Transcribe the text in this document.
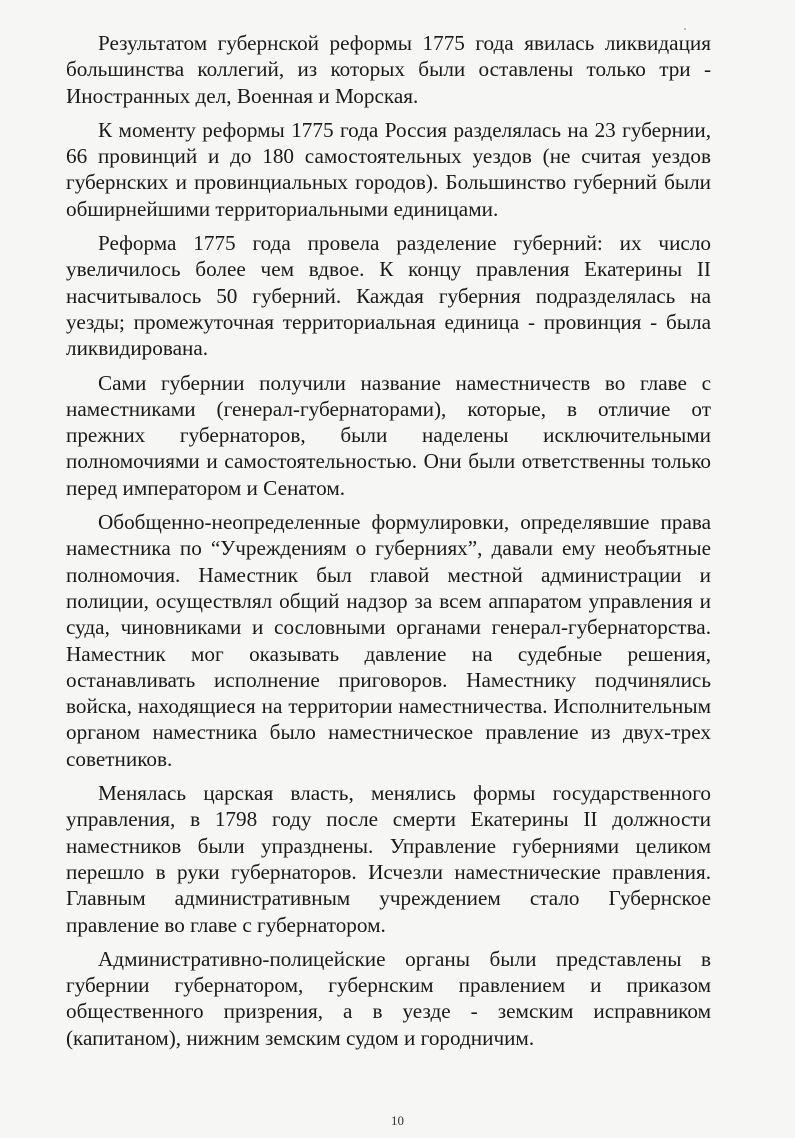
Результатом губернской реформы 1775 года явилась ликвидация большинства коллегий, из которых были оставлены только три - Иностранных дел, Военная и Морская.

К моменту реформы 1775 года Россия разделялась на 23 губернии, 66 провинций и до 180 самостоятельных уездов (не считая уездов губернских и провинциальных городов). Большинство губерний были обширнейшими территориальными единицами.

Реформа 1775 года провела разделение губерний: их число увеличилось более чем вдвое. К концу правления Екатерины II насчитывалось 50 губерний. Каждая губерния подразделялась на уезды; промежуточная территориальная единица - провинция - была ликвидирована.

Сами губернии получили название наместничеств во главе с наместниками (генерал-губернаторами), которые, в отличие от прежних губернаторов, были наделены исключительными полномочиями и самостоятельностью. Они были ответственны только перед императором и Сенатом.

Обобщенно-неопределенные формулировки, определявшие права наместника по “Учреждениям о губерниях”, давали ему необъятные полномочия. Наместник был главой местной администрации и полиции, осуществлял общий надзор за всем аппаратом управления и суда, чиновниками и сословными органами генерал-губернаторства. Наместник мог оказывать давление на судебные решения, останавливать исполнение приговоров. Наместнику подчинялись войска, находящиеся на территории наместничества. Исполнительным органом наместника было наместническое правление из двух-трех советников.

Менялась царская власть, менялись формы государственного управления, в 1798 году после смерти Екатерины II должности наместников были упразднены. Управление губерниями целиком перешло в руки губернаторов. Исчезли наместнические правления. Главным административным учреждением стало Губернское правление во главе с губернатором.

Административно-полицейские органы были представлены в губернии губернатором, губернским правлением и приказом общественного призрения, а в уезде - земским исправником (капитаном), нижним земским судом и городничим.

10
